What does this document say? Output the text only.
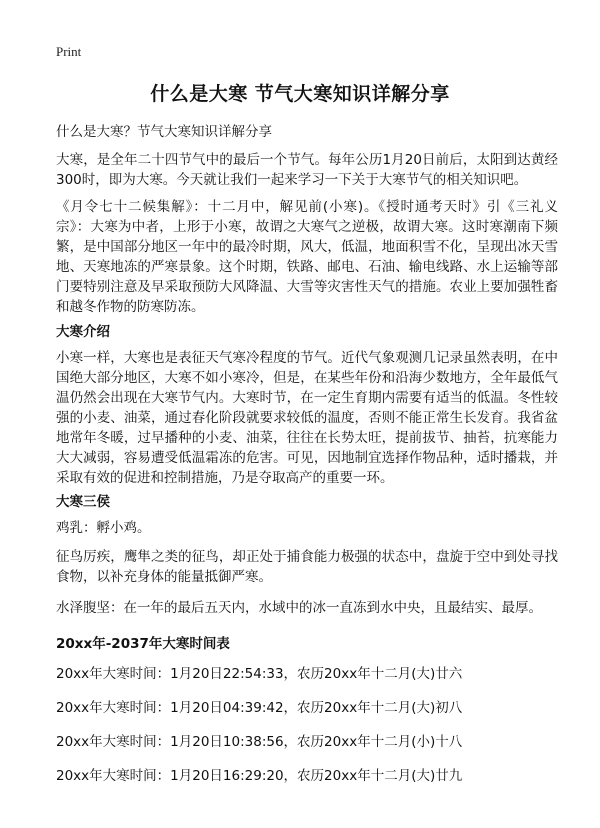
Print
什么是大寒 节气大寒知识详解分享
什么是大寒？节气大寒知识详解分享

大寒，是全年二十四节气中的最后一个节气。每年公历1月20日前后，太阳到达黄经300时，即为大寒。今天就让我们一起来学习一下关于大寒节气的相关知识吧。

《月令七十二候集解》：十二月中，解见前(小寒)。《授时通考天时》引《三礼义宗》：大寒为中者，上形于小寒，故谓之大寒气之逆极，故谓大寒。这时寒潮南下频繁，是中国部分地区一年中的最冷时期，风大，低温，地面积雪不化，呈现出冰天雪地、天寒地冻的严寒景象。这个时期，铁路、邮电、石油、输电线路、水上运输等部门要特别注意及早采取预防大风降温、大雪等灾害性天气的措施。农业上要加强牲畜和越冬作物的防寒防冻。

大寒介绍

小寒一样，大寒也是表征天气寒冷程度的节气。近代气象观测几记录虽然表明，在中国绝大部分地区，大寒不如小寒冷，但是，在某些年份和沿海少数地方，全年最低气温仍然会出现在大寒节气内。大寒时节，在一定生育期内需要有适当的低温。冬性较强的小麦、油菜，通过春化阶段就要求较低的温度，否则不能正常生长发育。我省盆地常年冬暖，过早播种的小麦、油菜，往往在长势太旺，提前拔节、抽苔，抗寒能力大大减弱，容易遭受低温霜冻的危害。可见，因地制宜选择作物品种，适时播栽，并采取有效的促进和控制措施，乃是夺取高产的重要一环。

大寒三侯

鸡乳：孵小鸡。

征鸟厉疾，鹰隼之类的征鸟，却正处于捕食能力极强的状态中，盘旋于空中到处寻找食物，以补充身体的能量抵御严寒。

水泽腹坚：在一年的最后五天内，水域中的冰一直冻到水中央，且最结实、最厚。

20xx年-2037年大寒时间表
20xx年大寒时间：1月20日22:54:33，农历20xx年十二月(大)廿六
20xx年大寒时间：1月20日04:39:42，农历20xx年十二月(大)初八
20xx年大寒时间：1月20日10:38:56，农历20xx年十二月(小)十八
20xx年大寒时间：1月20日16:29:20，农历20xx年十二月(大)廿九
